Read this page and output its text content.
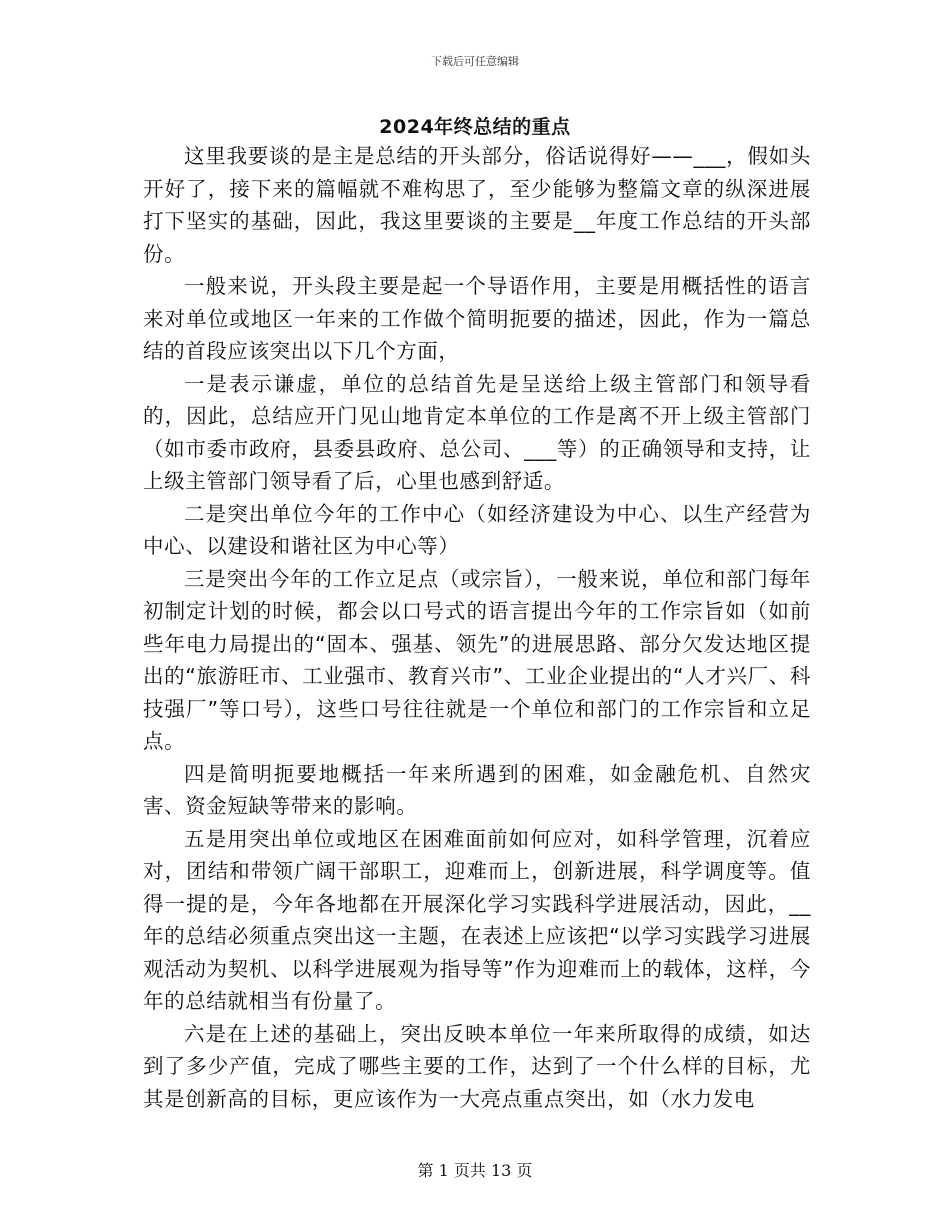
下载后可任意编辑
2024年终总结的重点

这里我要谈的是主是总结的开头部分，俗话说得好——___，假如头开好了，接下来的篇幅就不难构思了，至少能够为整篇文章的纵深进展打下坚实的基础，因此，我这里要谈的主要是__年度工作总结的开头部份。

一般来说，开头段主要是起一个导语作用，主要是用概括性的语言来对单位或地区一年来的工作做个简明扼要的描述，因此，作为一篇总结的首段应该突出以下几个方面，

一是表示谦虚，单位的总结首先是呈送给上级主管部门和领导看的，因此，总结应开门见山地肯定本单位的工作是离不开上级主管部门（如市委市政府，县委县政府、总公司、___等）的正确领导和支持，让上级主管部门领导看了后，心里也感到舒适。

二是突出单位今年的工作中心（如经济建设为中心、以生产经营为中心、以建设和谐社区为中心等）

三是突出今年的工作立足点（或宗旨），一般来说，单位和部门每年初制定计划的时候，都会以口号式的语言提出今年的工作宗旨如（如前些年电力局提出的“固本、强基、领先”的进展思路、部分欠发达地区提出的“旅游旺市、工业强市、教育兴市”、工业企业提出的“人才兴厂、科技强厂”等口号），这些口号往往就是一个单位和部门的工作宗旨和立足点。

四是简明扼要地概括一年来所遇到的困难，如金融危机、自然灾害、资金短缺等带来的影响。

五是用突出单位或地区在困难面前如何应对，如科学管理，沉着应对，团结和带领广阔干部职工，迎难而上，创新进展，科学调度等。值得一提的是，今年各地都在开展深化学习实践科学进展活动，因此，__年的总结必须重点突出这一主题，在表述上应该把“以学习实践学习进展观活动为契机、以科学进展观为指导等”作为迎难而上的载体，这样，今年的总结就相当有份量了。

六是在上述的基础上，突出反映本单位一年来所取得的成绩，如达到了多少产值，完成了哪些主要的工作，达到了一个什么样的目标，尤其是创新高的目标，更应该作为一大亮点重点突出，如（水力发电

第 1 页共 13 页
